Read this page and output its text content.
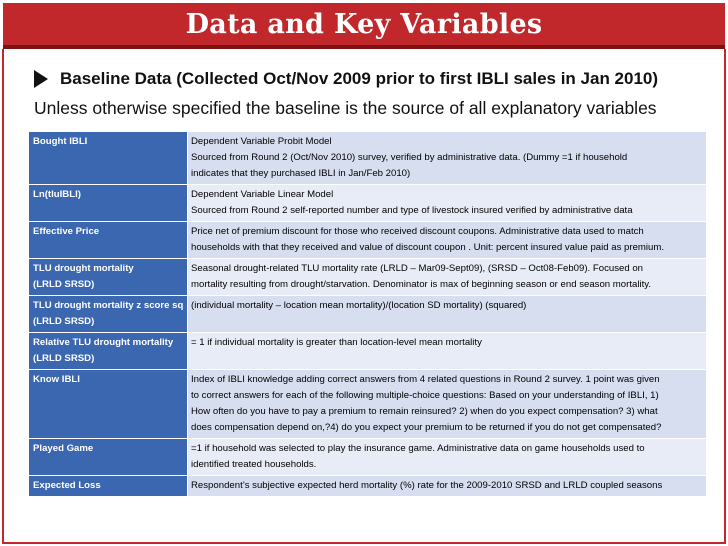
Data and Key Variables
Baseline Data (Collected Oct/Nov 2009 prior to first IBLI sales in Jan 2010)
Unless otherwise specified the baseline is the source of all explanatory variables
Bought IBLI	Dependent Variable Probit Model
Sourced from Round 2 (Oct/Nov 2010) survey, verified by administrative data. (Dummy =1 if household
indicates that they purchased IBLI in Jan/Feb 2010)

Ln(tluIBLI)	Dependent Variable Linear Model
Sourced from Round 2 self-reported number and type of livestock insured verified by administrative data

Effective Price	Price net of premium discount for those who received discount coupons. Administrative data used to match
households with that they received and value of discount coupon . Unit: percent insured value paid as premium.

TLU drought mortality
(LRLD SRSD)	Seasonal drought-related TLU mortality rate (LRLD – Mar09-Sept09), (SRSD – Oct08-Feb09). Focused on
mortality resulting from drought/starvation. Denominator is max of beginning season or end season mortality.

TLU drought mortality z score sq
(LRLD SRSD)	(individual mortality – location mean mortality)/(location SD mortality) (squared)

Relative TLU drought mortality
(LRLD SRSD)	= 1 if individual mortality is greater than location-level mean mortality

Know IBLI	Index of IBLI knowledge adding correct answers from 4 related questions in Round 2 survey. 1 point was given
to correct answers for each of the following multiple-choice questions: Based on your understanding of IBLI, 1)
How often do you have to pay a premium to remain reinsured? 2) when do you expect compensation? 3) what
does compensation depend on,?4) do you expect your premium to be returned if you do not get compensated?

Played Game	=1 if household was selected to play the insurance game. Administrative data on game households used to
identified treated households.

Expected Loss	Respondent’s subjective expected herd mortality (%) rate for the 2009-2010 SRSD and LRLD coupled seasons
